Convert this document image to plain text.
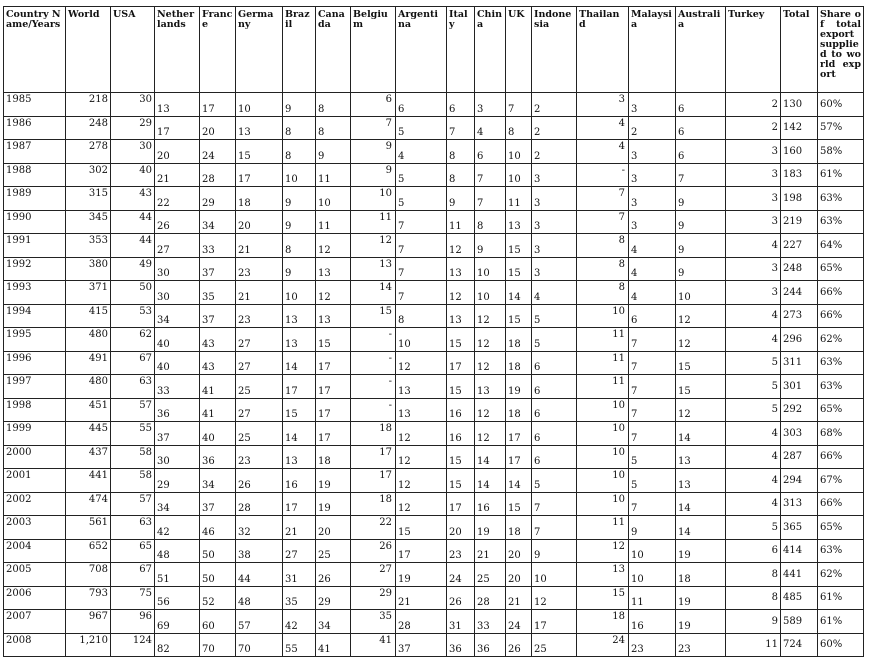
Country Name/Years	World	USA	Netherlands	France	Germany	Brazil	Canada	Belgium	Argentina	Italy	China	UK	Indonesia	Thailand	Malaysia	Australia	Turkey	Total	Share of total export supplied to world export
1985	218	30	13	17	10	9	8	6	6	6	3	7	2	3	3	6	2	130	60%
1986	248	29	17	20	13	8	8	7	5	7	4	8	2	4	2	6	2	142	57%
1987	278	30	20	24	15	8	9	9	4	8	6	10	2	4	3	6	3	160	58%
1988	302	40	21	28	17	10	11	9	5	8	7	10	3	-	3	7	3	183	61%
1989	315	43	22	29	18	9	10	10	5	9	7	11	3	7	3	9	3	198	63%
1990	345	44	26	34	20	9	11	11	7	11	8	13	3	7	3	9	3	219	63%
1991	353	44	27	33	21	8	12	12	7	12	9	15	3	8	4	9	4	227	64%
1992	380	49	30	37	23	9	13	13	7	13	10	15	3	8	4	9	3	248	65%
1993	371	50	30	35	21	10	12	14	7	12	10	14	4	8	4	10	3	244	66%
1994	415	53	34	37	23	13	13	15	8	13	12	15	5	10	6	12	4	273	66%
1995	480	62	40	43	27	13	15	-	10	15	12	18	5	11	7	12	4	296	62%
1996	491	67	40	43	27	14	17	-	12	17	12	18	6	11	7	15	5	311	63%
1997	480	63	33	41	25	17	17	-	13	15	13	19	6	11	7	15	5	301	63%
1998	451	57	36	41	27	15	17	-	13	16	12	18	6	10	7	12	5	292	65%
1999	445	55	37	40	25	14	17	18	12	16	12	17	6	10	7	14	4	303	68%
2000	437	58	30	36	23	13	18	17	12	15	14	17	6	10	5	13	4	287	66%
2001	441	58	29	34	26	16	19	17	12	15	14	14	5	10	5	13	4	294	67%
2002	474	57	34	37	28	17	19	18	12	17	16	15	7	10	7	14	4	313	66%
2003	561	63	42	46	32	21	20	22	15	20	19	18	7	11	9	14	5	365	65%
2004	652	65	48	50	38	27	25	26	17	23	21	20	9	12	10	19	6	414	63%
2005	708	67	51	50	44	31	26	27	19	24	25	20	10	13	10	18	8	441	62%
2006	793	75	56	52	48	35	29	29	21	26	28	21	12	15	11	19	8	485	61%
2007	967	96	69	60	57	42	34	35	28	31	33	24	17	18	16	19	9	589	61%
2008	1,210	124	82	70	70	55	41	41	37	36	36	26	25	24	23	23	11	724	60%
